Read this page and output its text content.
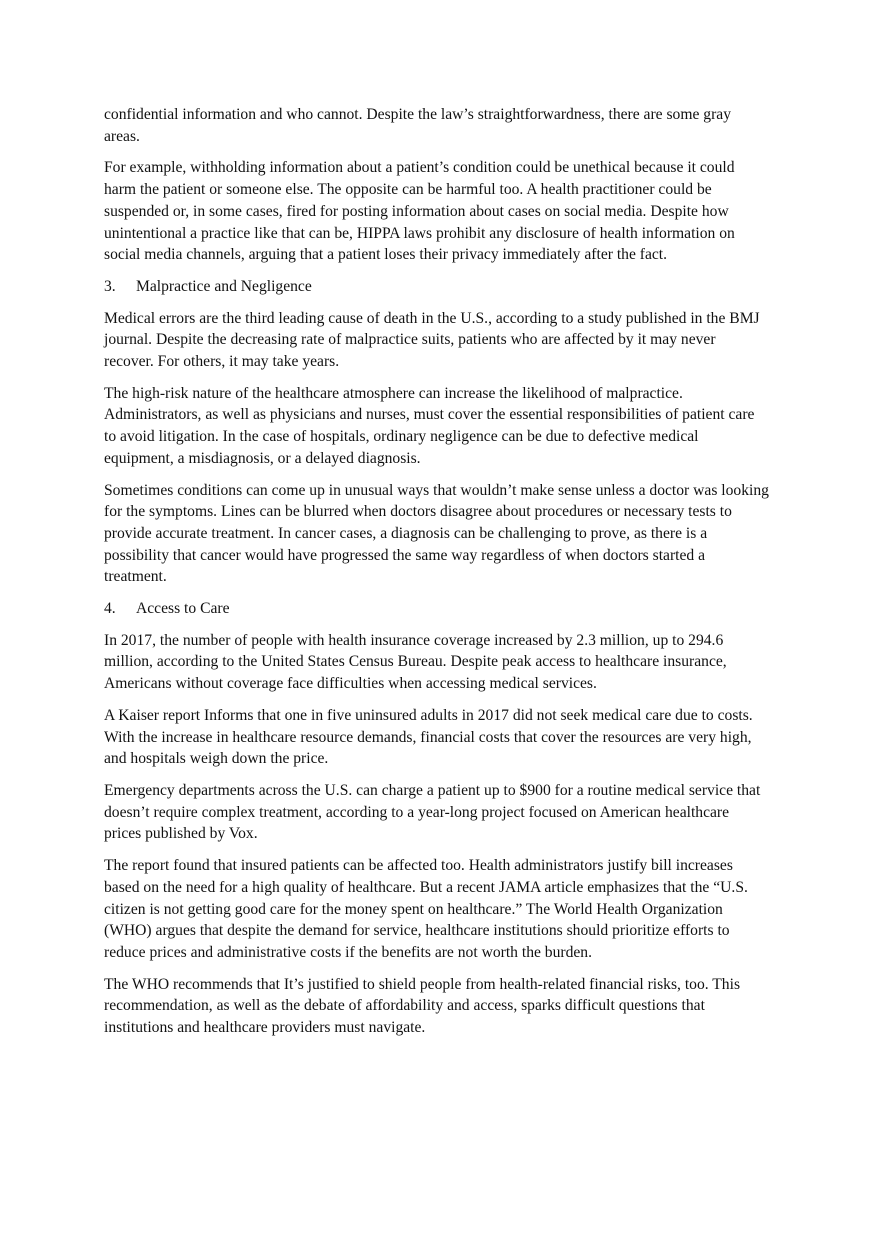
confidential information and who cannot. Despite the law’s straightforwardness, there are some gray areas.

For example, withholding information about a patient’s condition could be unethical because it could harm the patient or someone else. The opposite can be harmful too. A health practitioner could be suspended or, in some cases, fired for posting information about cases on social media. Despite how unintentional a practice like that can be, HIPPA laws prohibit any disclosure of health information on social media channels, arguing that a patient loses their privacy immediately after the fact.

3.	Malpractice and Negligence

Medical errors are the third leading cause of death in the U.S., according to a study published in the BMJ journal. Despite the decreasing rate of malpractice suits, patients who are affected by it may never recover. For others, it may take years.

The high-risk nature of the healthcare atmosphere can increase the likelihood of malpractice. Administrators, as well as physicians and nurses, must cover the essential responsibilities of patient care to avoid litigation. In the case of hospitals, ordinary negligence can be due to defective medical equipment, a misdiagnosis, or a delayed diagnosis.

Sometimes conditions can come up in unusual ways that wouldn’t make sense unless a doctor was looking for the symptoms. Lines can be blurred when doctors disagree about procedures or necessary tests to provide accurate treatment. In cancer cases, a diagnosis can be challenging to prove, as there is a possibility that cancer would have progressed the same way regardless of when doctors started a treatment.

4.	Access to Care

In 2017, the number of people with health insurance coverage increased by 2.3 million, up to 294.6 million, according to the United States Census Bureau. Despite peak access to healthcare insurance, Americans without coverage face difficulties when accessing medical services.

A Kaiser report Informs that one in five uninsured adults in 2017 did not seek medical care due to costs. With the increase in healthcare resource demands, financial costs that cover the resources are very high, and hospitals weigh down the price.

Emergency departments across the U.S. can charge a patient up to $900 for a routine medical service that doesn’t require complex treatment, according to a year-long project focused on American healthcare prices published by Vox.

The report found that insured patients can be affected too. Health administrators justify bill increases based on the need for a high quality of healthcare. But a recent JAMA article emphasizes that the “U.S. citizen is not getting good care for the money spent on healthcare.” The World Health Organization (WHO) argues that despite the demand for service, healthcare institutions should prioritize efforts to reduce prices and administrative costs if the benefits are not worth the burden.

The WHO recommends that It’s justified to shield people from health-related financial risks, too. This recommendation, as well as the debate of affordability and access, sparks difficult questions that institutions and healthcare providers must navigate.
